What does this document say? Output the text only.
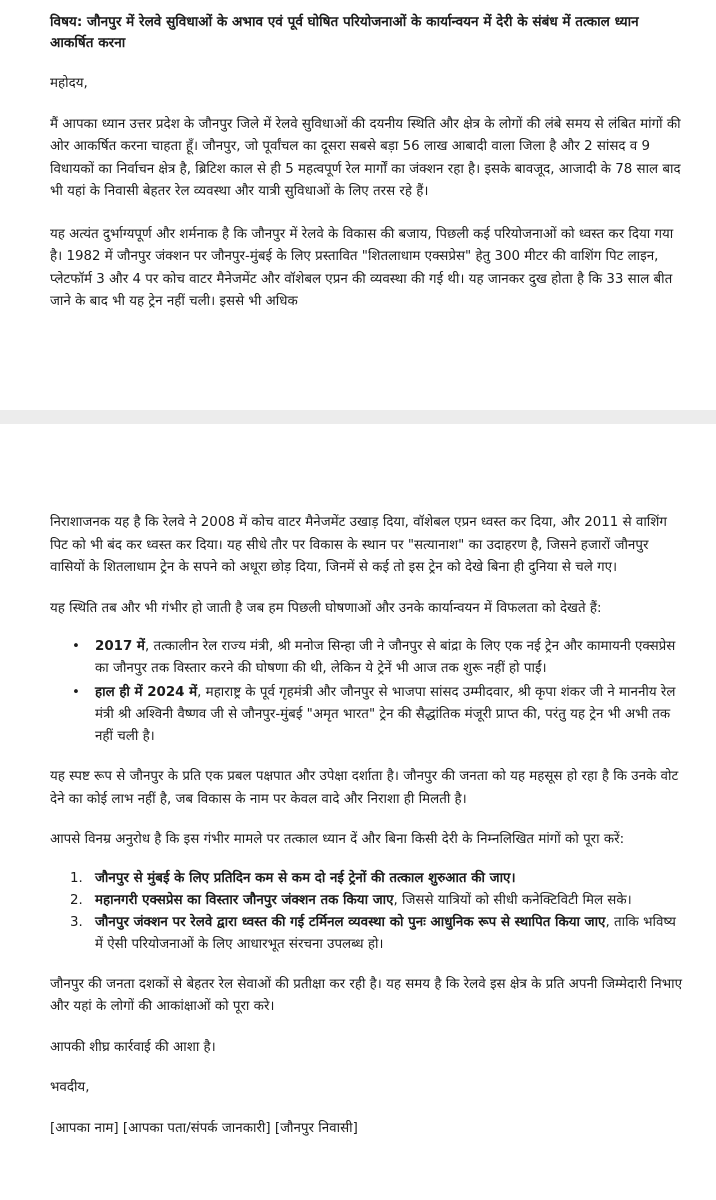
विषय: जौनपुर में रेलवे सुविधाओं के अभाव एवं पूर्व घोषित परियोजनाओं के कार्यान्वयन में देरी के संबंध में तत्काल ध्यान आकर्षित करना

महोदय,

मैं आपका ध्यान उत्तर प्रदेश के जौनपुर जिले में रेलवे सुविधाओं की दयनीय स्थिति और क्षेत्र के लोगों की लंबे समय से लंबित मांगों की ओर आकर्षित करना चाहता हूँ। जौनपुर, जो पूर्वांचल का दूसरा सबसे बड़ा 56 लाख आबादी वाला जिला है और 2 सांसद व 9 विधायकों का निर्वाचन क्षेत्र है, ब्रिटिश काल से ही 5 महत्वपूर्ण रेल मार्गों का जंक्शन रहा है। इसके बावजूद, आजादी के 78 साल बाद भी यहां के निवासी बेहतर रेल व्यवस्था और यात्री सुविधाओं के लिए तरस रहे हैं।

यह अत्यंत दुर्भाग्यपूर्ण और शर्मनाक है कि जौनपुर में रेलवे के विकास की बजाय, पिछली कई परियोजनाओं को ध्वस्त कर दिया गया है। 1982 में जौनपुर जंक्शन पर जौनपुर-मुंबई के लिए प्रस्तावित "शितलाधाम एक्सप्रेस" हेतु 300 मीटर की वाशिंग पिट लाइन, प्लेटफॉर्म 3 और 4 पर कोच वाटर मैनेजमेंट और वॉशेबल एप्रन की व्यवस्था की गई थी। यह जानकर दुख होता है कि 33 साल बीत जाने के बाद भी यह ट्रेन नहीं चली। इससे भी अधिक

निराशाजनक यह है कि रेलवे ने 2008 में कोच वाटर मैनेजमेंट उखाड़ दिया, वॉशेबल एप्रन ध्वस्त कर दिया, और 2011 से वाशिंग पिट को भी बंद कर ध्वस्त कर दिया। यह सीधे तौर पर विकास के स्थान पर "सत्यानाश" का उदाहरण है, जिसने हजारों जौनपुर वासियों के शितलाधाम ट्रेन के सपने को अधूरा छोड़ दिया, जिनमें से कई तो इस ट्रेन को देखे बिना ही दुनिया से चले गए।

यह स्थिति तब और भी गंभीर हो जाती है जब हम पिछली घोषणाओं और उनके कार्यान्वयन में विफलता को देखते हैं:

• 2017 में, तत्कालीन रेल राज्य मंत्री, श्री मनोज सिन्हा जी ने जौनपुर से बांद्रा के लिए एक नई ट्रेन और कामायनी एक्सप्रेस का जौनपुर तक विस्तार करने की घोषणा की थी, लेकिन ये ट्रेनें भी आज तक शुरू नहीं हो पाईं।
• हाल ही में 2024 में, महाराष्ट्र के पूर्व गृहमंत्री और जौनपुर से भाजपा सांसद उम्मीदवार, श्री कृपा शंकर जी ने माननीय रेल मंत्री श्री अश्विनी वैष्णव जी से जौनपुर-मुंबई "अमृत भारत" ट्रेन की सैद्धांतिक मंजूरी प्राप्त की, परंतु यह ट्रेन भी अभी तक नहीं चली है।

यह स्पष्ट रूप से जौनपुर के प्रति एक प्रबल पक्षपात और उपेक्षा दर्शाता है। जौनपुर की जनता को यह महसूस हो रहा है कि उनके वोट देने का कोई लाभ नहीं है, जब विकास के नाम पर केवल वादे और निराशा ही मिलती है।

आपसे विनम्र अनुरोध है कि इस गंभीर मामले पर तत्काल ध्यान दें और बिना किसी देरी के निम्नलिखित मांगों को पूरा करें:

1. जौनपुर से मुंबई के लिए प्रतिदिन कम से कम दो नई ट्रेनों की तत्काल शुरुआत की जाए।
2. महानगरी एक्सप्रेस का विस्तार जौनपुर जंक्शन तक किया जाए, जिससे यात्रियों को सीधी कनेक्टिविटी मिल सके।
3. जौनपुर जंक्शन पर रेलवे द्वारा ध्वस्त की गई टर्मिनल व्यवस्था को पुनः आधुनिक रूप से स्थापित किया जाए, ताकि भविष्य में ऐसी परियोजनाओं के लिए आधारभूत संरचना उपलब्ध हो।

जौनपुर की जनता दशकों से बेहतर रेल सेवाओं की प्रतीक्षा कर रही है। यह समय है कि रेलवे इस क्षेत्र के प्रति अपनी जिम्मेदारी निभाए और यहां के लोगों की आकांक्षाओं को पूरा करे।

आपकी शीघ्र कार्रवाई की आशा है।

भवदीय,

[आपका नाम] [आपका पता/संपर्क जानकारी] [जौनपुर निवासी]
